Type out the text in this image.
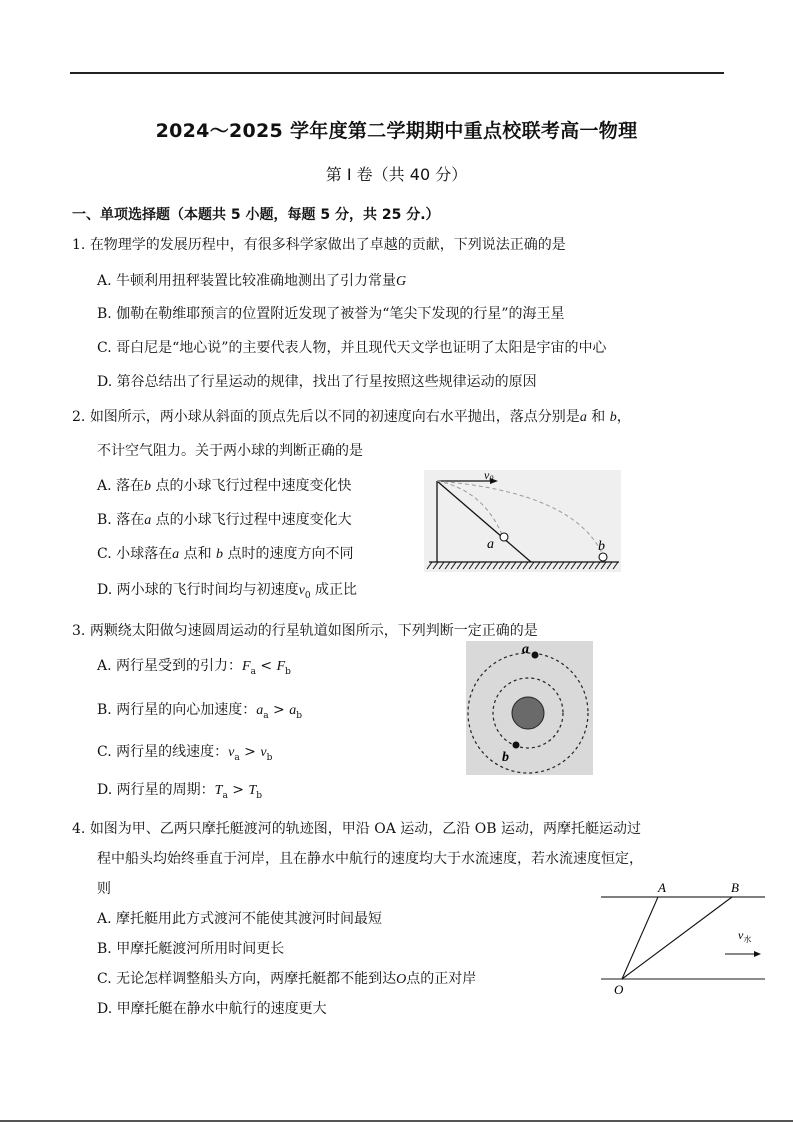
2024～2025 学年度第二学期期中重点校联考高一物理
第 I 卷（共 40 分）
一、单项选择题（本题共 5 小题，每题 5 分，共 25 分.）
1. 在物理学的发展历程中，有很多科学家做出了卓越的贡献，下列说法正确的是
A. 牛顿利用扭秤装置比较准确地测出了引力常量G
B. 伽勒在勒维耶预言的位置附近发现了被誉为“笔尖下发现的行星”的海王星
C. 哥白尼是“地心说”的主要代表人物，并且现代天文学也证明了太阳是宇宙的中心
D. 第谷总结出了行星运动的规律，找出了行星按照这些规律运动的原因
2. 如图所示，两小球从斜面的顶点先后以不同的初速度向右水平抛出，落点分别是a 和 b，
不计空气阻力。关于两小球的判断正确的是
A. 落在b 点的小球飞行过程中速度变化快
B. 落在a 点的小球飞行过程中速度变化大
C. 小球落在a 点和 b 点时的速度方向不同
D. 两小球的飞行时间均与初速度$v_0$ 成正比
v0
a	b
3. 两颗绕太阳做匀速圆周运动的行星轨道如图所示，下列判断一定正确的是
A. 两行星受到的引力：$F_a < F_b$
B. 两行星的向心加速度：$a_a > a_b$
C. 两行星的线速度：$v_a > v_b$
D. 两行星的周期：$T_a > T_b$
a
b
4. 如图为甲、乙两只摩托艇渡河的轨迹图，甲沿 OA 运动，乙沿 OB 运动，两摩托艇运动过
程中船头均始终垂直于河岸，且在静水中航行的速度均大于水流速度，若水流速度恒定，
则
A. 摩托艇用此方式渡河不能使其渡河时间最短
B. 甲摩托艇渡河所用时间更长
C. 无论怎样调整船头方向，两摩托艇都不能到达O点的正对岸
D. 甲摩托艇在静水中航行的速度更大
A	B
O
$v_水$
